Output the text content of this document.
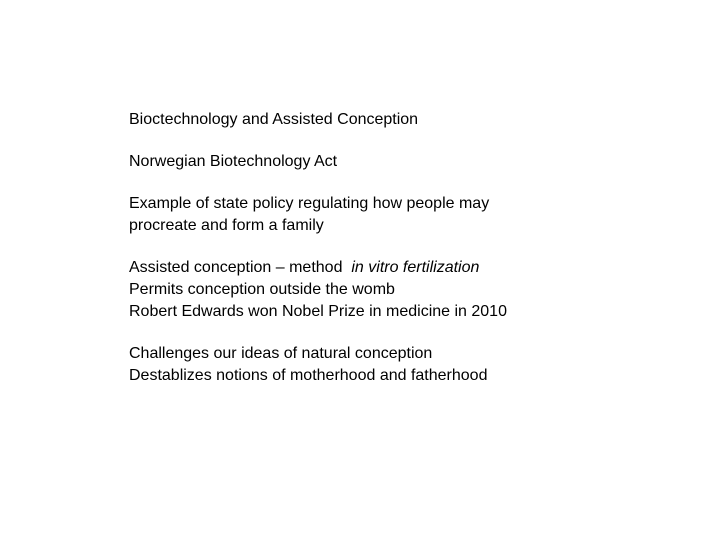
Bioctechnology and Assisted Conception
Norwegian Biotechnology Act
Example of state policy regulating how people may
procreate and form a family
Assisted conception – method in vitro fertilization
Permits conception outside the womb
Robert Edwards won Nobel Prize in medicine in 2010
Challenges our ideas of natural conception
Destablizes notions of motherhood and fatherhood
